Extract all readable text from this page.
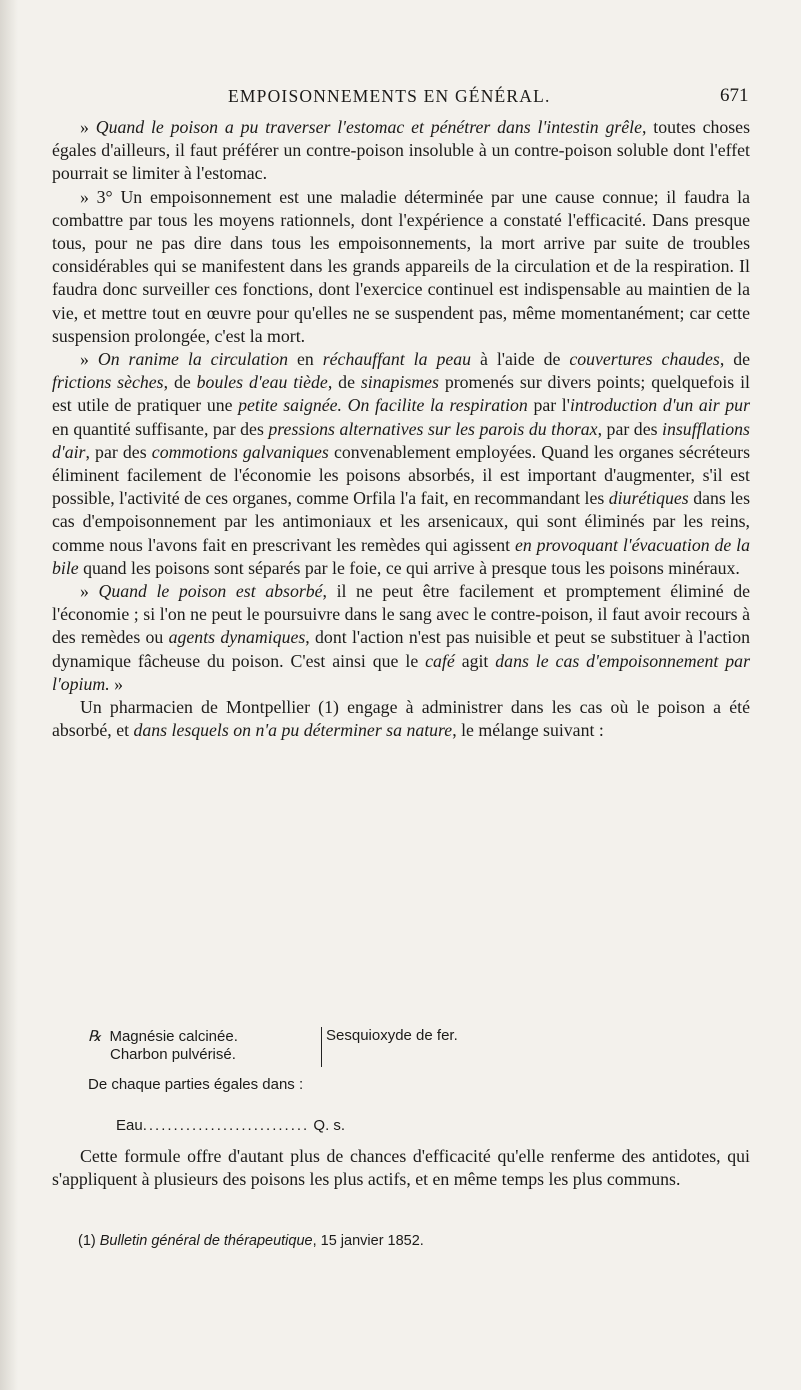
EMPOISONNEMENTS EN GÉNÉRAL.	671

» Quand le poison a pu traverser l'estomac et pénétrer dans l'intestin grêle, toutes choses égales d'ailleurs, il faut préférer un contre-poison insoluble à un contre-poison soluble dont l'effet pourrait se limiter à l'estomac.

» 3° Un empoisonnement est une maladie déterminée par une cause connue; il faudra la combattre par tous les moyens rationnels, dont l'expérience a constaté l'efficacité. Dans presque tous, pour ne pas dire dans tous les empoisonnements, la mort arrive par suite de troubles considérables qui se manifestent dans les grands appareils de la circulation et de la respiration. Il faudra donc surveiller ces fonctions, dont l'exercice continuel est indispensable au maintien de la vie, et mettre tout en œuvre pour qu'elles ne se suspendent pas, même momentanément; car cette suspension prolongée, c'est la mort.

» On ranime la circulation en réchauffant la peau à l'aide de couvertures chaudes, de frictions sèches, de boules d'eau tiède, de sinapismes promenés sur divers points; quelquefois il est utile de pratiquer une petite saignée. On facilite la respiration par l'introduction d'un air pur en quantité suffisante, par des pressions alternatives sur les parois du thorax, par des insufflations d'air, par des commotions galvaniques convenablement employées. Quand les organes sécréteurs éliminent facilement de l'économie les poisons absorbés, il est important d'augmenter, s'il est possible, l'activité de ces organes, comme Orfila l'a fait, en recommandant les diurétiques dans les cas d'empoisonnement par les antimoniaux et les arsenicaux, qui sont éliminés par les reins, comme nous l'avons fait en prescrivant les remèdes qui agissent en provoquant l'évacuation de la bile quand les poisons sont séparés par le foie, ce qui arrive à presque tous les poisons minéraux.

» Quand le poison est absorbé, il ne peut être facilement et promptement éliminé de l'économie ; si l'on ne peut le poursuivre dans le sang avec le contre-poison, il faut avoir recours à des remèdes ou agents dynamiques, dont l'action n'est pas nuisible et peut se substituer à l'action dynamique fâcheuse du poison. C'est ainsi que le café agit dans le cas d'empoisonnement par l'opium. »

Un pharmacien de Montpellier (1) engage à administrer dans les cas où le poison a été absorbé, et dans lesquels on n'a pu déterminer sa nature, le mélange suivant :

℞ Magnésie calcinée.
Charbon pulvérisé.
Sesquioxyde de fer.
De chaque parties égales dans :
Eau........................... Q. s.

Cette formule offre d'autant plus de chances d'efficacité qu'elle renferme des antidotes, qui s'appliquent à plusieurs des poisons les plus actifs, et en même temps les plus communs.

(1) Bulletin général de thérapeutique, 15 janvier 1852.
